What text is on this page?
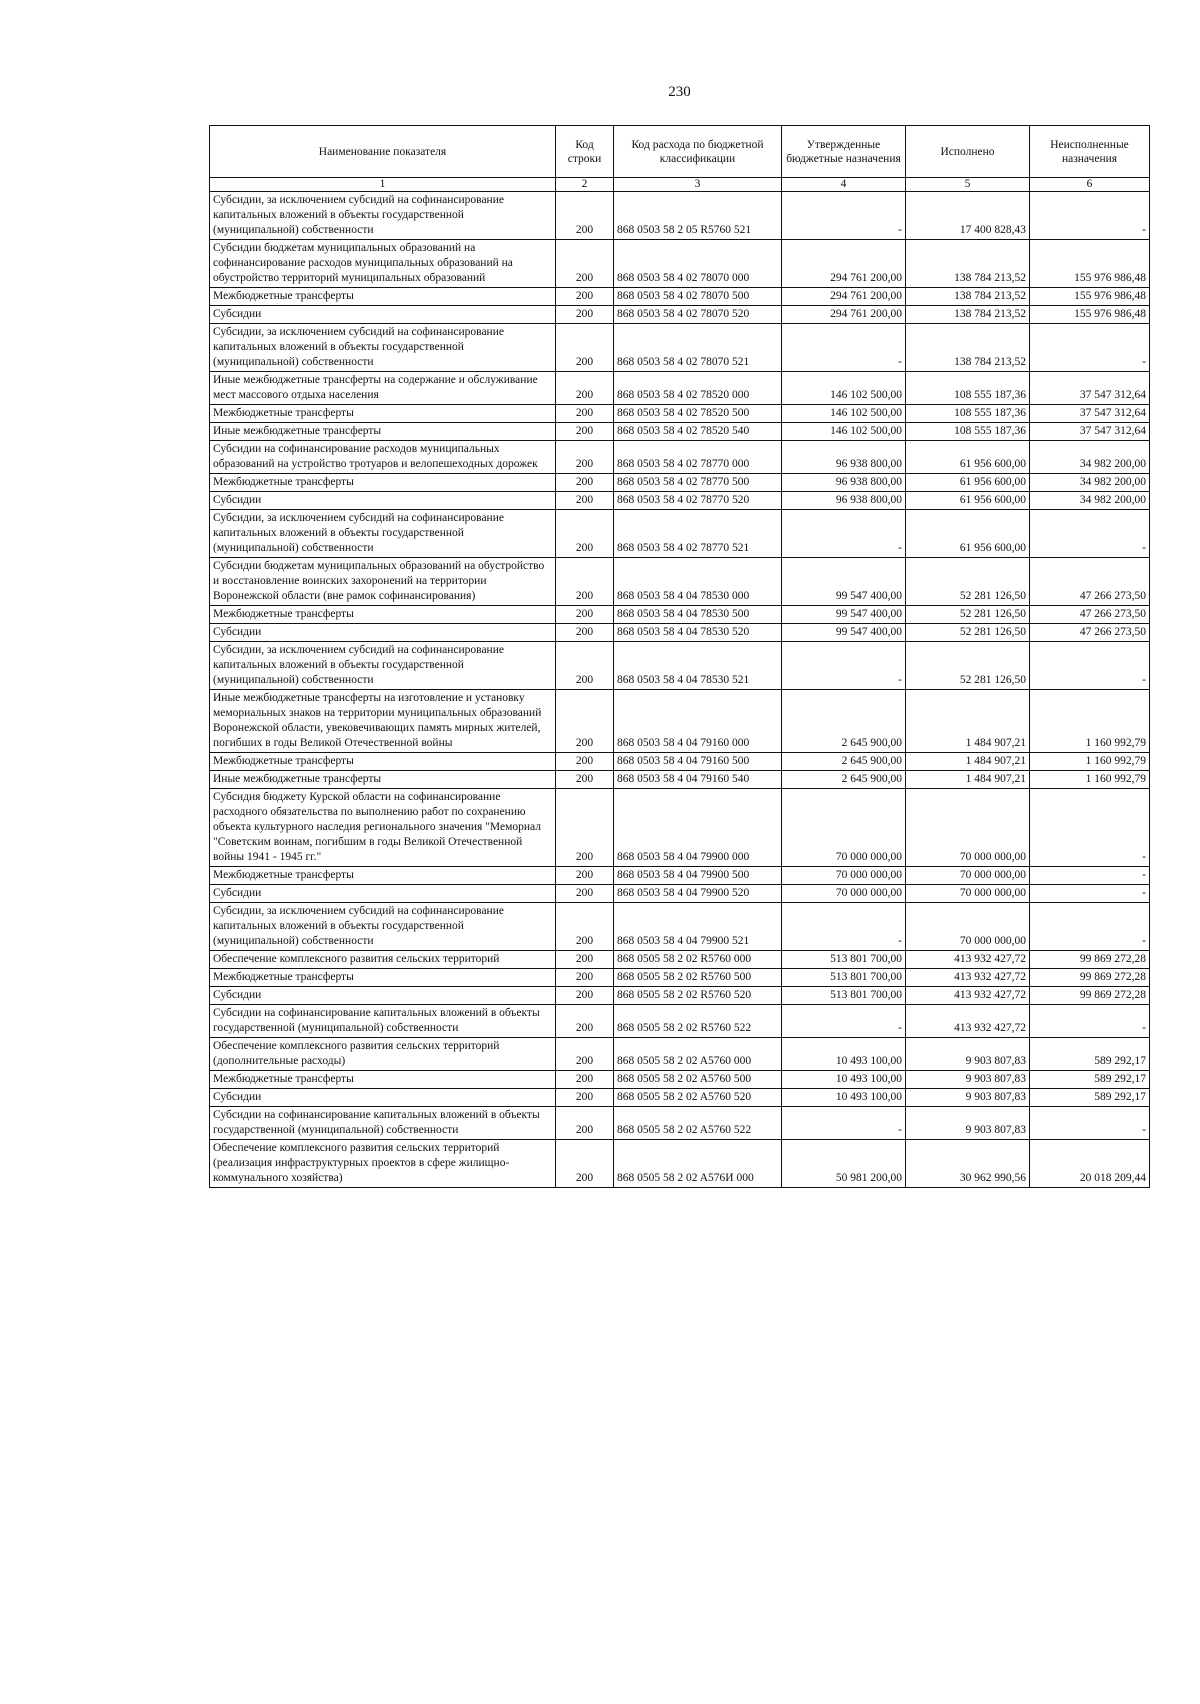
230
Наименование показателя	Код строки	Код расхода по бюджетной классификации	Утвержденные бюджетные назначения	Исполнено	Неисполненные назначения
1	2	3	4	5	6
Субсидии, за исключением субсидий на софинансирование капитальных вложений в объекты государственной (муниципальной) собственности	200	868 0503 58 2 05 R5760 521	-	17 400 828,43	-
Субсидии бюджетам муниципальных образований на софинансирование расходов муниципальных образований на обустройство территорий муниципальных образований	200	868 0503 58 4 02 78070 000	294 761 200,00	138 784 213,52	155 976 986,48
Межбюджетные трансферты	200	868 0503 58 4 02 78070 500	294 761 200,00	138 784 213,52	155 976 986,48
Субсидии	200	868 0503 58 4 02 78070 520	294 761 200,00	138 784 213,52	155 976 986,48
Субсидии, за исключением субсидий на софинансирование капитальных вложений в объекты государственной (муниципальной) собственности	200	868 0503 58 4 02 78070 521	-	138 784 213,52	-
Иные межбюджетные трансферты на содержание и обслуживание мест массового отдыха населения	200	868 0503 58 4 02 78520 000	146 102 500,00	108 555 187,36	37 547 312,64
Межбюджетные трансферты	200	868 0503 58 4 02 78520 500	146 102 500,00	108 555 187,36	37 547 312,64
Иные межбюджетные трансферты	200	868 0503 58 4 02 78520 540	146 102 500,00	108 555 187,36	37 547 312,64
Субсидии на софинансирование расходов муниципальных образований на устройство тротуаров и велопешеходных дорожек	200	868 0503 58 4 02 78770 000	96 938 800,00	61 956 600,00	34 982 200,00
Межбюджетные трансферты	200	868 0503 58 4 02 78770 500	96 938 800,00	61 956 600,00	34 982 200,00
Субсидии	200	868 0503 58 4 02 78770 520	96 938 800,00	61 956 600,00	34 982 200,00
Субсидии, за исключением субсидий на софинансирование капитальных вложений в объекты государственной (муниципальной) собственности	200	868 0503 58 4 02 78770 521	-	61 956 600,00	-
Субсидии бюджетам муниципальных образований на обустройство и восстановление воинских захоронений на территории Воронежской области (вне рамок софинансирования)	200	868 0503 58 4 04 78530 000	99 547 400,00	52 281 126,50	47 266 273,50
Межбюджетные трансферты	200	868 0503 58 4 04 78530 500	99 547 400,00	52 281 126,50	47 266 273,50
Субсидии	200	868 0503 58 4 04 78530 520	99 547 400,00	52 281 126,50	47 266 273,50
Субсидии, за исключением субсидий на софинансирование капитальных вложений в объекты государственной (муниципальной) собственности	200	868 0503 58 4 04 78530 521	-	52 281 126,50	-
Иные межбюджетные трансферты на изготовление и установку мемориальных знаков на территории муниципальных образований Воронежской области, увековечивающих память мирных жителей, погибших в годы Великой Отечественной войны	200	868 0503 58 4 04 79160 000	2 645 900,00	1 484 907,21	1 160 992,79
Межбюджетные трансферты	200	868 0503 58 4 04 79160 500	2 645 900,00	1 484 907,21	1 160 992,79
Иные межбюджетные трансферты	200	868 0503 58 4 04 79160 540	2 645 900,00	1 484 907,21	1 160 992,79
Субсидия бюджету Курской области на софинансирование расходного обязательства по выполнению работ по сохранению объекта культурного наследия регионального значения "Мемориал "Советским воинам, погибшим в годы Великой Отечественной войны 1941 - 1945 гг."	200	868 0503 58 4 04 79900 000	70 000 000,00	70 000 000,00	-
Межбюджетные трансферты	200	868 0503 58 4 04 79900 500	70 000 000,00	70 000 000,00	-
Субсидии	200	868 0503 58 4 04 79900 520	70 000 000,00	70 000 000,00	-
Субсидии, за исключением субсидий на софинансирование капитальных вложений в объекты государственной (муниципальной) собственности	200	868 0503 58 4 04 79900 521	-	70 000 000,00	-
Обеспечение комплексного развития сельских территорий	200	868 0505 58 2 02 R5760 000	513 801 700,00	413 932 427,72	99 869 272,28
Межбюджетные трансферты	200	868 0505 58 2 02 R5760 500	513 801 700,00	413 932 427,72	99 869 272,28
Субсидии	200	868 0505 58 2 02 R5760 520	513 801 700,00	413 932 427,72	99 869 272,28
Субсидии на софинансирование капитальных вложений в объекты государственной (муниципальной) собственности	200	868 0505 58 2 02 R5760 522	-	413 932 427,72	-
Обеспечение комплексного развития сельских территорий (дополнительные расходы)	200	868 0505 58 2 02 A5760 000	10 493 100,00	9 903 807,83	589 292,17
Межбюджетные трансферты	200	868 0505 58 2 02 A5760 500	10 493 100,00	9 903 807,83	589 292,17
Субсидии	200	868 0505 58 2 02 A5760 520	10 493 100,00	9 903 807,83	589 292,17
Субсидии на софинансирование капитальных вложений в объекты государственной (муниципальной) собственности	200	868 0505 58 2 02 A5760 522	-	9 903 807,83	-
Обеспечение комплексного развития сельских территорий (реализация инфраструктурных проектов в сфере жилищно-коммунального хозяйства)	200	868 0505 58 2 02 A576И 000	50 981 200,00	30 962 990,56	20 018 209,44
